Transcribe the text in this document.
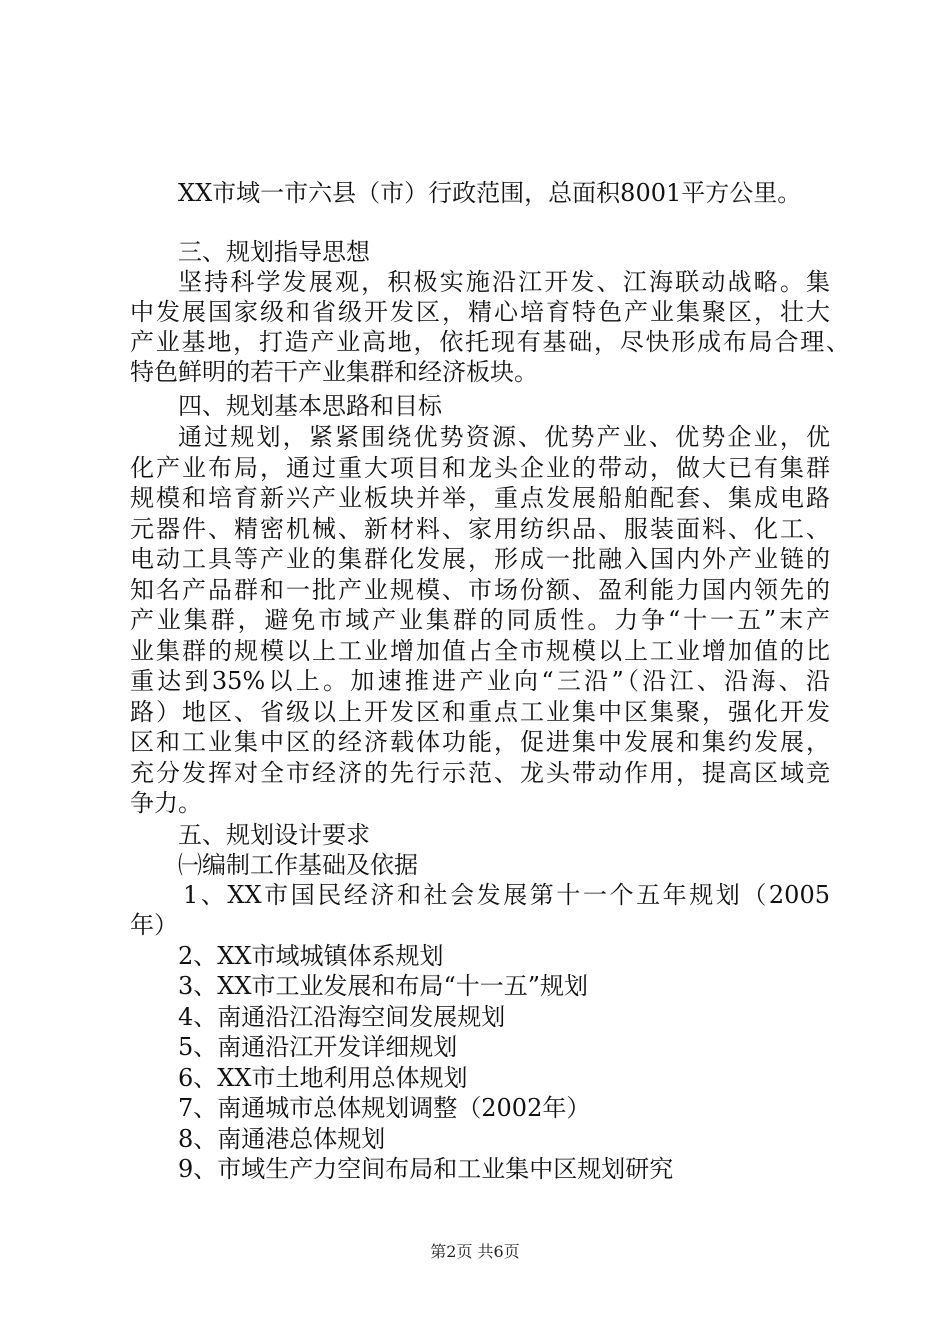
XX市域一市六县（市）行政范围，总面积8001平方公里。
三、规划指导思想
坚持科学发展观，积极实施沿江开发、江海联动战略。集
中发展国家级和省级开发区，精心培育特色产业集聚区，壮大
产业基地，打造产业高地，依托现有基础，尽快形成布局合理、
特色鲜明的若干产业集群和经济板块。
四、规划基本思路和目标
通过规划，紧紧围绕优势资源、优势产业、优势企业，优
化产业布局，通过重大项目和龙头企业的带动，做大已有集群
规模和培育新兴产业板块并举，重点发展船舶配套、集成电路
元器件、精密机械、新材料、家用纺织品、服装面料、化工、
电动工具等产业的集群化发展，形成一批融入国内外产业链的
知名产品群和一批产业规模、市场份额、盈利能力国内领先的
产业集群，避免市域产业集群的同质性。力争“十一五”末产
业集群的规模以上工业增加值占全市规模以上工业增加值的比
重达到35%以上。加速推进产业向“三沿”（沿江、沿海、沿
路）地区、省级以上开发区和重点工业集中区集聚，强化开发
区和工业集中区的经济载体功能，促进集中发展和集约发展，
充分发挥对全市经济的先行示范、龙头带动作用，提高区域竞
争力。
五、规划设计要求
㈠编制工作基础及依据
1、XX市国民经济和社会发展第十一个五年规划（2005
年）
2、XX市域城镇体系规划
3、XX市工业发展和布局“十一五”规划
4、南通沿江沿海空间发展规划
5、南通沿江开发详细规划
6、XX市土地利用总体规划
7、南通城市总体规划调整（2002年）
8、南通港总体规划
9、市域生产力空间布局和工业集中区规划研究
第2页 共6页
